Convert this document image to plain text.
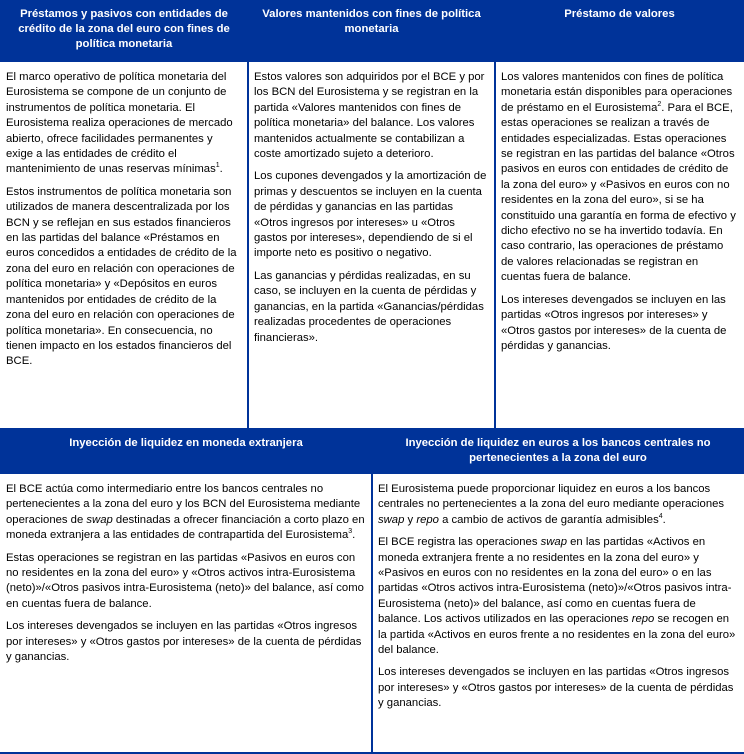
Préstamos y pasivos con entidades de crédito de la zona del euro con fines de política monetaria
Valores mantenidos con fines de política monetaria
Préstamo de valores

El marco operativo de política monetaria del Eurosistema se compone de un conjunto de instrumentos de política monetaria. El Eurosistema realiza operaciones de mercado abierto, ofrece facilidades permanentes y exige a las entidades de crédito el mantenimiento de unas reservas mínimas$^1$.

Estos instrumentos de política monetaria son utilizados de manera descentralizada por los BCN y se reflejan en sus estados financieros en las partidas del balance «Préstamos en euros concedidos a entidades de crédito de la zona del euro en relación con operaciones de política monetaria» y «Depósitos en euros mantenidos por entidades de crédito de la zona del euro en relación con operaciones de política monetaria». En consecuencia, no tienen impacto en los estados financieros del BCE.

Estos valores son adquiridos por el BCE y por los BCN del Eurosistema y se registran en la partida «Valores mantenidos con fines de política monetaria» del balance. Los valores mantenidos actualmente se contabilizan a coste amortizado sujeto a deterioro.

Los cupones devengados y la amortización de primas y descuentos se incluyen en la cuenta de pérdidas y ganancias en las partidas «Otros ingresos por intereses» u «Otros gastos por intereses», dependiendo de si el importe neto es positivo o negativo.

Las ganancias y pérdidas realizadas, en su caso, se incluyen en la cuenta de pérdidas y ganancias, en la partida «Ganancias/pérdidas realizadas procedentes de operaciones financieras».

Los valores mantenidos con fines de política monetaria están disponibles para operaciones de préstamo en el Eurosistema$^2$. Para el BCE, estas operaciones se realizan a través de entidades especializadas. Estas operaciones se registran en las partidas del balance «Otros pasivos en euros con entidades de crédito de la zona del euro» y «Pasivos en euros con no residentes en la zona del euro», si se ha constituido una garantía en forma de efectivo y dicho efectivo no se ha invertido todavía. En caso contrario, las operaciones de préstamo de valores relacionadas se registran en cuentas fuera de balance.

Los intereses devengados se incluyen en las partidas «Otros ingresos por intereses» y «Otros gastos por intereses» de la cuenta de pérdidas y ganancias.

Inyección de liquidez en moneda extranjera	Inyección de liquidez en euros a los bancos centrales no pertenecientes a la zona del euro

El BCE actúa como intermediario entre los bancos centrales no pertenecientes a la zona del euro y los BCN del Eurosistema mediante operaciones de swap destinadas a ofrecer financiación a corto plazo en moneda extranjera a las entidades de contrapartida del Eurosistema$^3$.

Estas operaciones se registran en las partidas «Pasivos en euros con no residentes en la zona del euro» y «Otros activos intra-Eurosistema (neto)»/«Otros pasivos intra-Eurosistema (neto)» del balance, así como en cuentas fuera de balance.

Los intereses devengados se incluyen en las partidas «Otros ingresos por intereses» y «Otros gastos por intereses» de la cuenta de pérdidas y ganancias.

El Eurosistema puede proporcionar liquidez en euros a los bancos centrales no pertenecientes a la zona del euro mediante operaciones swap y repo a cambio de activos de garantía admisibles$^4$.

El BCE registra las operaciones swap en las partidas «Activos en moneda extranjera frente a no residentes en la zona del euro» y «Pasivos en euros con no residentes en la zona del euro» o en las partidas «Otros activos intra-Eurosistema (neto)»/«Otros pasivos intra-Eurosistema (neto)» del balance, así como en cuentas fuera de balance. Los activos utilizados en las operaciones repo se recogen en la partida «Activos en euros frente a no residentes en la zona del euro» del balance.

Los intereses devengados se incluyen en las partidas «Otros ingresos por intereses» y «Otros gastos por intereses» de la cuenta de pérdidas y ganancias.
